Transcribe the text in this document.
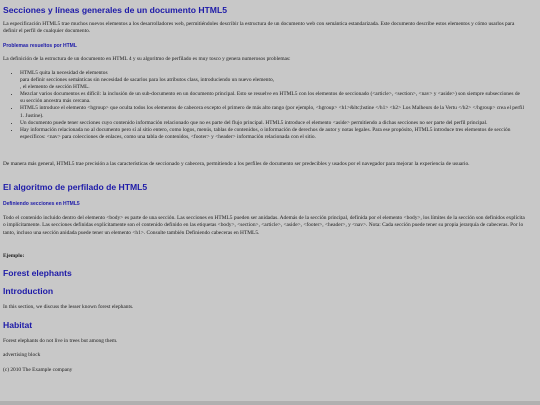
Secciones y líneas generales de un documento HTML5

La especificación HTML5 trae muchos nuevos elementos a los desarrolladores web, permitiéndoles describir la estructura de un documento web con semántica estandarizada. Este documento describe estos elementos y cómo usarlos para definir el perfil de cualquier documento.

Problemas resueltos por HTML

La definición de la estructura de un documento en HTML 4 y su algoritmo de perfilado es muy tosco y genera numerosos problemas:

• HTML5 quita la necesidad de elementos
para definir secciones semánticas sin necesidad de sacarlos para los atributos class, introduciendo un nuevo elemento,
, el elemento de sección HTML.
• Mezclar varios documentos es difícil: la inclusión de un sub-documento en un documento principal. Esto se resuelve en HTML5 con los elementos de seccionado (<article>, <section>, <nav> y <aside>) son siempre subsecciones de su sección ancestra más cercana.
• HTML5 introduce el elemento <hgroup> que oculta todos los elementos de cabecera excepto el primero de más alto rango (por ejemplo, <hgroup> <h1>&ltc;hstine </h1> <h2> Los Malheurs de la Vertu </h2> </hgroup> crea el perfil 1. Justine).
• Un documento puede tener secciones cuyo contenido información relacionado que no es parte del flujo principal. HTML5 introduce el elemento <aside> permitiendo a dichas secciones no ser parte del perfil principal.
• Hay información relacionada no al documento pero sí al sitio entero, como logos, menús, tablas de contenidos, o información de derechos de autor y notas legales. Para ese propósito, HTML5 introduce tres elementos de sección específicos: <nav> para colecciones de enlaces, como una tabla de contenidos, <footer> y <header> información relacionada con el sitio.

De manera más general, HTML5 trae precisión a las características de seccionado y cabecera, permitiendo a los perfiles de documento ser predecibles y usados por el navegador para mejorar la experiencia de usuario.

El algoritmo de perfilado de HTML5
Definiendo secciones en HTML5

Todo el contenido incluido dentro del elemento <body> es parte de una sección. Las secciones en HTML5 pueden ser anidadas. Además de la sección principal, definida por el elemento <body>, los límites de la sección son definidos explícita o implícitamente. Las secciones definidas explícitamente son el contenido definido en las etiquetas <body>, <section>, <article>, <aside>, <footer>, <header>, y <nav>. Nota: Cada sección puede tener su propia jerarquía de cabeceras. Por lo tanto, incluso una sección anidada puede tener un elemento <h1>. Consulte también Definiendo cabeceras en HTML5.

Ejemplo:

Forest elephants
Introduction

In this section, we discuss the lesser known forest elephants.

Habitat

Forest elephants do not live in trees but among them.

advertising block

(c) 2010 The Example company
